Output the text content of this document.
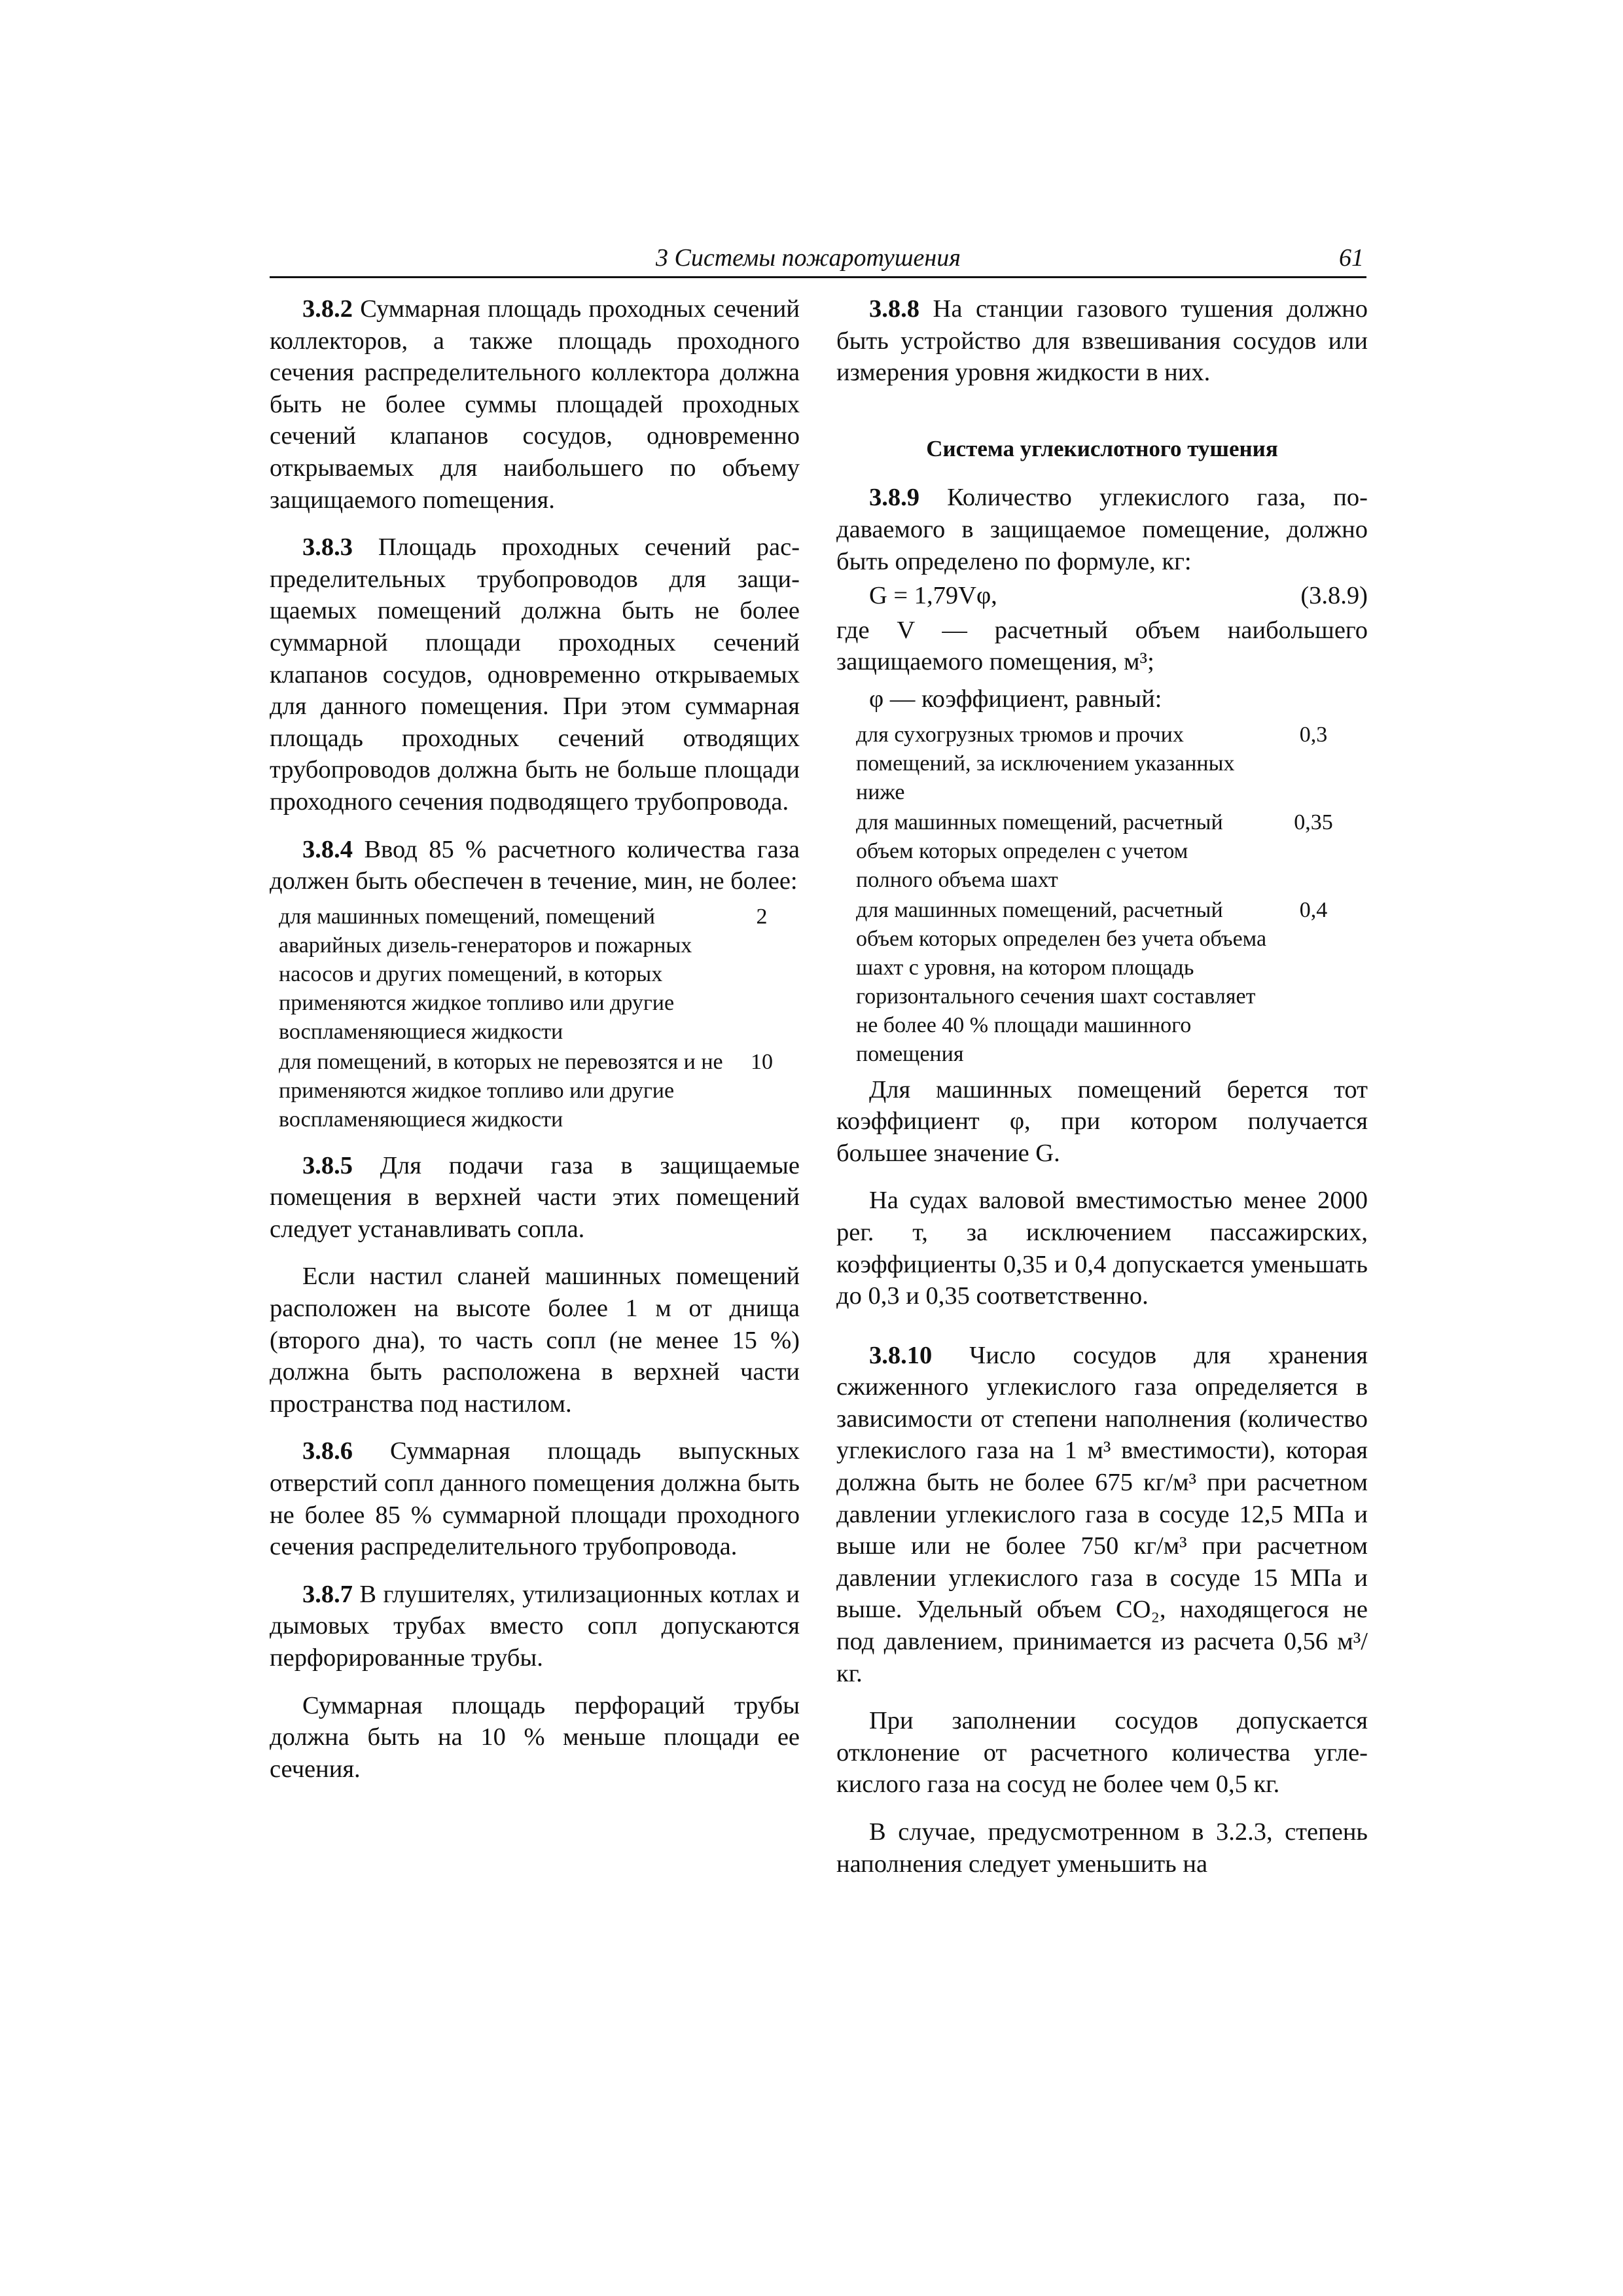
3 Системы пожаротушения	61

3.8.2 Суммарная площадь проходных сечений коллекторов, а также площадь проходного сечения распределительного коллектора должна быть не более суммы площадей проходных сечений клапанов сосудов, одновременно открываемых для наибольшего по объему защищаемого поmещения.

3.8.3 Площадь проходных сечений распределительных трубопроводов для защищаемых помещений должна быть не более суммарной площади проходных сечений клапанов сосудов, одновременно открываемых для данного помещения. При этом суммарная площадь проходных сечений отводящих трубопроводов должна быть не больше площади проходного сечения подводящего трубопровода.

3.8.4 Ввод 85 % расчетного количества газа должен быть обеспечен в течение, мин, не более:

для машинных помещений, помещений аварийных дизель-генераторов и пожарных насосов и других помещений, в которых применяются жидкое топливо или другие воспламеняющиеся жидкости
2
для помещений, в которых не перевозятся и не применяются жидкое топливо или другие воспламеняющиеся жидкости
10

3.8.5 Для подачи газа в защищаемые помещения в верхней части этих помещений следует устанавливать сопла.

Если настил сланей машинных помещений расположен на высоте более 1 м от днища (второго дна), то часть сопл (не менее 15 %) должна быть расположена в верхней части пространства под настилом.

3.8.6 Суммарная площадь выпускных отверстий сопл данного помещения должна быть не более 85 % суммарной площади проходного сечения распределительного трубопровода.

3.8.7 В глушителях, утилизационных котлах и дымовых трубах вместо сопл допускаются перфорированные трубы.

Суммарная площадь перфораций трубы должна быть на 10 % меньше площади ее сечения.

3.8.8 На станции газового тушения должно быть устройство для взвешивания сосудов или измерения уровня жидкости в них.

Система углекислотного тушения

3.8.9 Количество углекислого газа, подаваемого в защищаемое помещение, должно быть определено по формуле, кг:

G = 1,79Vφ,	(3.8.9)

где V — расчетный объем наибольшего защищаемого помещения, м³;

φ — коэффициент, равный:
для сухогрузных трюмов и прочих помещений, за исключением указанных ниже
0,3
для машинных помещений, расчетный объем которых определен с учетом полного объема шахт
0,35
для машинных помещений, расчетный объем которых определен без учета объема шахт с уровня, на котором площадь горизонтального сечения шахт составляет не более 40 % площади машинного помещения
0,4

Для машинных помещений берется тот коэффициент φ, при котором получается большее значение G.

На судах валовой вместимостью менее 2000 рег. т, за исключением пассажирских, коэффициенты 0,35 и 0,4 допускается уменьшать до 0,3 и 0,35 соответственно.

3.8.10 Число сосудов для хранения сжиженного углекислого газа определяется в зависимости от степени наполнения (количество углекислого газа на 1 м³ вместимости), которая должна быть не более 675 кг/м³ при расчетном давлении углекислого газа в сосуде 12,5 МПа и выше или не более 750 кг/м³ при расчетном давлении углекислого газа в сосуде 15 МПа и выше. Удельный объем CO₂, находящегося не под давлением, принимается из расчета 0,56 м³/кг.

При заполнении сосудов допускается отклонение от расчетного количества углекислого газа на сосуд не более чем 0,5 кг.

В случае, предусмотренном в 3.2.3, степень наполнения следует уменьшить на
